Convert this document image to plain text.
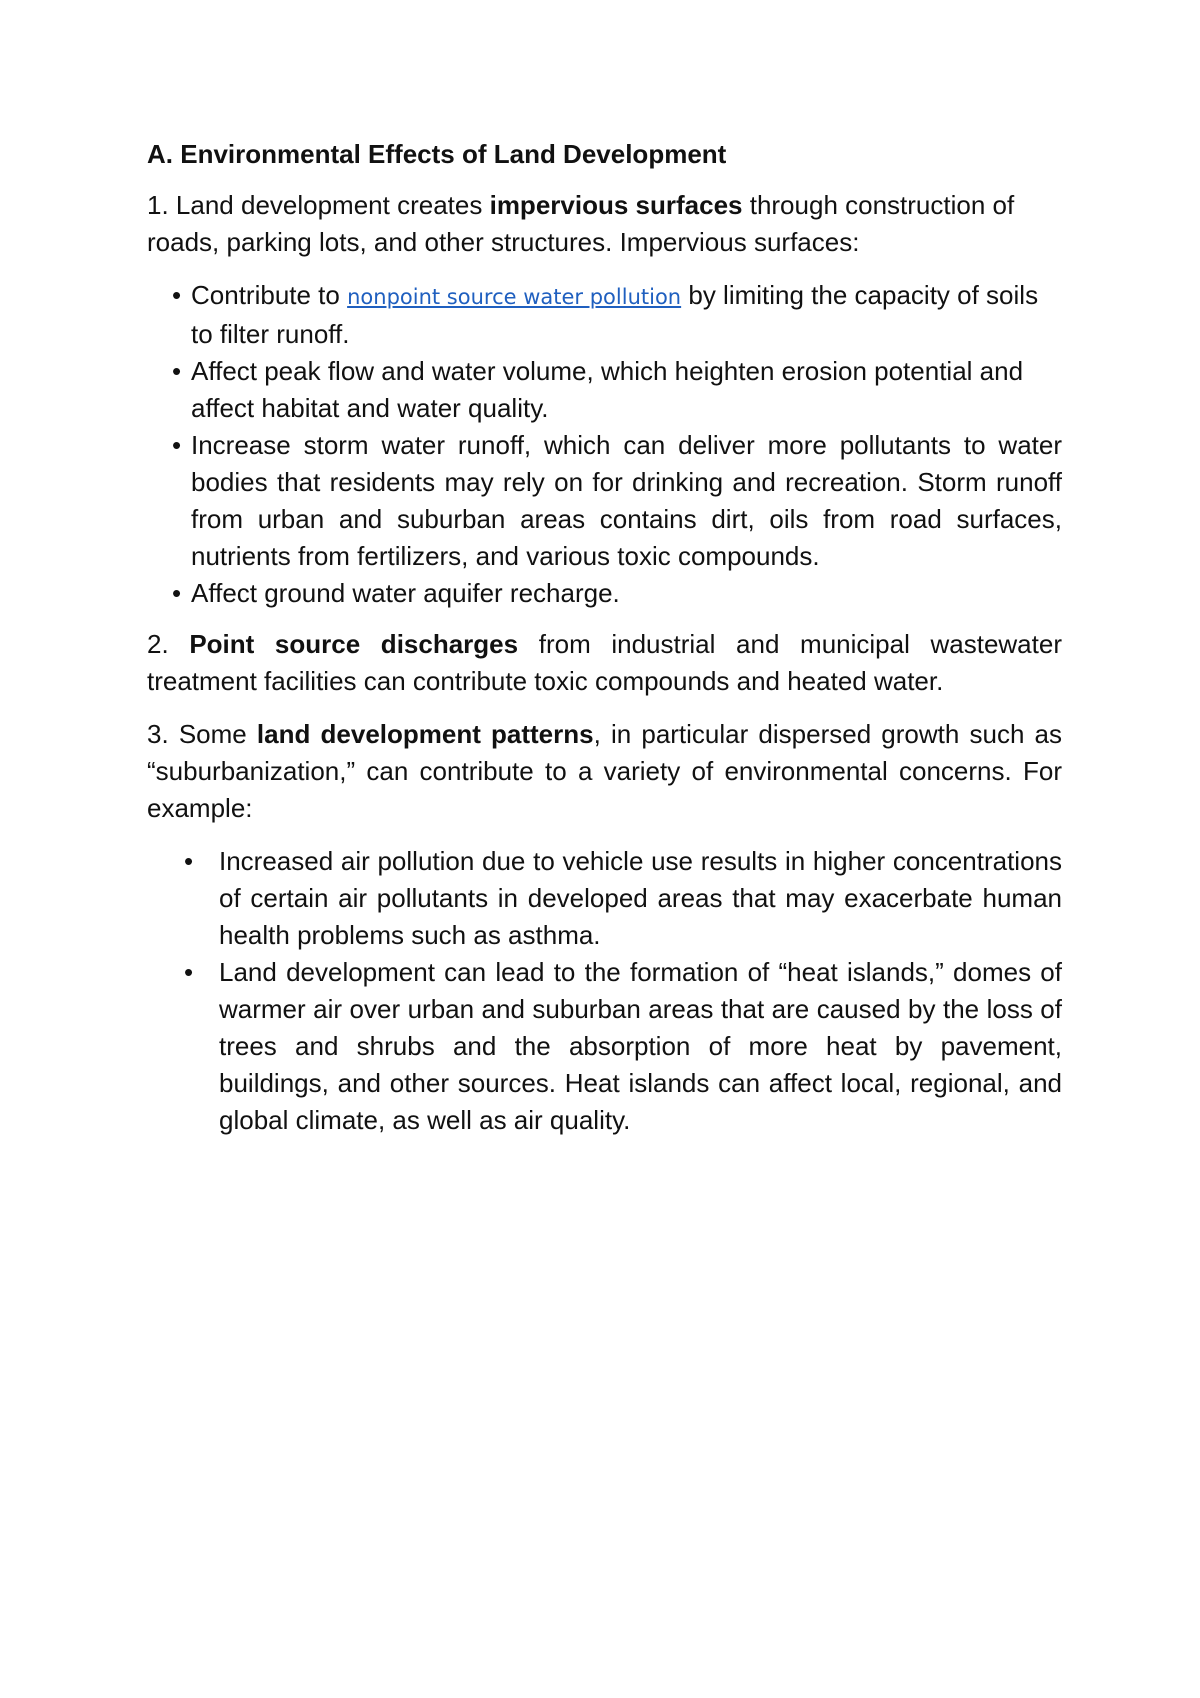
A. Environmental Effects of Land Development

1. Land development creates impervious surfaces through construction of roads, parking lots, and other structures. Impervious surfaces:

• Contribute to nonpoint source water pollution by limiting the capacity of soils to filter runoff.
• Affect peak flow and water volume, which heighten erosion potential and affect habitat and water quality.
• Increase storm water runoff, which can deliver more pollutants to water bodies that residents may rely on for drinking and recreation. Storm runoff from urban and suburban areas contains dirt, oils from road surfaces, nutrients from fertilizers, and various toxic compounds.
• Affect ground water aquifer recharge.

2. Point source discharges from industrial and municipal wastewater treatment facilities can contribute toxic compounds and heated water.

3. Some land development patterns, in particular dispersed growth such as “suburbanization,” can contribute to a variety of environmental concerns. For example:

• Increased air pollution due to vehicle use results in higher concentrations of certain air pollutants in developed areas that may exacerbate human health problems such as asthma.
• Land development can lead to the formation of “heat islands,” domes of warmer air over urban and suburban areas that are caused by the loss of trees and shrubs and the absorption of more heat by pavement, buildings, and other sources. Heat islands can affect local, regional, and global climate, as well as air quality.
